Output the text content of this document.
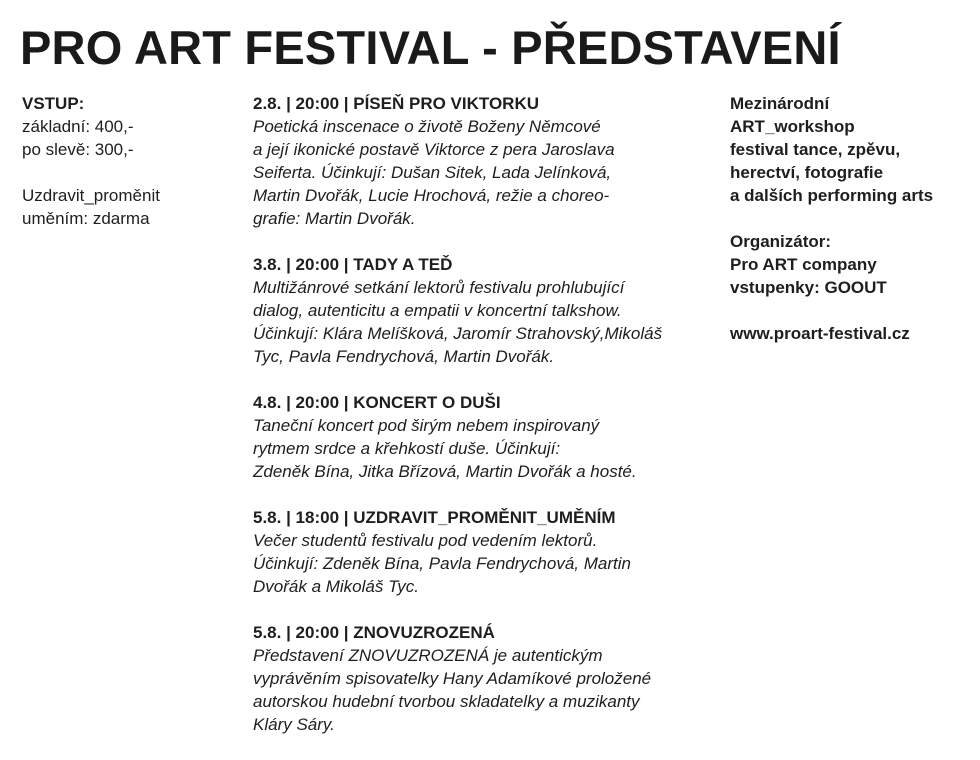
PRO ART FESTIVAL - PŘEDSTAVENÍ
VSTUP:
základní: 400,-
po slevě: 300,-
Uzdravit_proměnit
uměním: zdarma
2.8. | 20:00 | PÍSEŇ PRO VIKTORKU
Poetická inscenace o životě Boženy Němcové
a její ikonické postavě Viktorce z pera Jaroslava
Seiferta. Účinkují: Dušan Sitek, Lada Jelínková,
Martin Dvořák, Lucie Hrochová, režie a choreo-
grafie: Martin Dvořák.
3.8. | 20:00 | TADY A TEĎ
Multižánrové setkání lektorů festivalu prohlubující
dialog, autenticitu a empatii v koncertní talkshow.
Účinkují: Klára Melíšková, Jaromír Strahovský,Mikoláš
Tyc, Pavla Fendrychová, Martin Dvořák.
4.8. | 20:00 | KONCERT O DUŠI
Taneční koncert pod širým nebem inspirovaný
rytmem srdce a křehkostí duše. Účinkují:
Zdeněk Bína, Jitka Břízová, Martin Dvořák a hosté.
5.8. | 18:00 | UZDRAVIT_PROMĚNIT_UMĚNÍM
Večer studentů festivalu pod vedením lektorů.
Účinkují: Zdeněk Bína, Pavla Fendrychová, Martin
Dvořák a Mikoláš Tyc.
5.8. | 20:00 | ZNOVUZROZENÁ
Představení ZNOVUZROZENÁ je autentickým
vyprávěním spisovatelky Hany Adamíkové proložené
autorskou hudební tvorbou skladatelky a muzikanty
Kláry Sáry.
Mezinárodní
ART_workshop
festival tance, zpěvu,
herectví, fotografie
a dalších performing arts
Organizátor:
Pro ART company
vstupenky: GOOUT
www.proart-festival.cz
